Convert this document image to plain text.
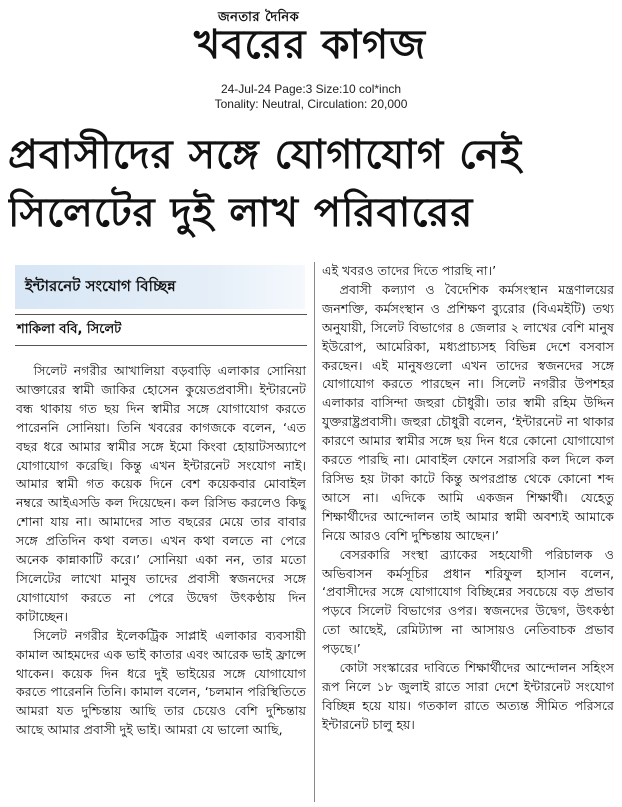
জনতার দৈনিক
খবরের কাগজ
24-Jul-24 Page:3 Size:10 col*inch
Tonality: Neutral, Circulation: 20,000
প্রবাসীদের সঙ্গে যোগাযোগ নেই
সিলেটের দুই লাখ পরিবারের
ইন্টারনেট সংযোগ বিচ্ছিন্ন
শাকিলা ববি, সিলেট

সিলেট নগরীর আখালিয়া বড়বাড়ি এলাকার সোনিয়া আক্তারের স্বামী জাকির হোসেন কুয়েতপ্রবাসী। ইন্টারনেট বন্ধ থাকায় গত ছয় দিন স্বামীর সঙ্গে যোগাযোগ করতে পারেননি সোনিয়া। তিনি খবরের কাগজকে বলেন, ‘এত বছর ধরে আমার স্বামীর সঙ্গে ইমো কিংবা হোয়াটসঅ্যাপে যোগাযোগ করেছি। কিন্তু এখন ইন্টারনেট সংযোগ নাই। আমার স্বামী গত কয়েক দিনে বেশ কয়েকবার মোবাইল নম্বরে আইএসডি কল দিয়েছেন। কল রিসিভ করলেও কিছু শোনা যায় না। আমাদের সাত বছরের মেয়ে তার বাবার সঙ্গে প্রতিদিন কথা বলত। এখন কথা বলতে না পেরে অনেক কান্নাকাটি করে।’ সোনিয়া একা নন, তার মতো সিলেটের লাখো মানুষ তাদের প্রবাসী স্বজনদের সঙ্গে যোগাযোগ করতে না পেরে উদ্বেগ উৎকণ্ঠায় দিন কাটাচ্ছেন।

সিলেট নগরীর ইলেকট্রিক সাপ্লাই এলাকার ব্যবসায়ী কামাল আহমদের এক ভাই কাতার এবং আরেক ভাই ফ্রান্সে থাকেন। কয়েক দিন ধরে দুই ভাইয়ের সঙ্গে যোগাযোগ করতে পারেননি তিনি। কামাল বলেন, ‘চলমান পরিস্থিতিতে আমরা যত দুশ্চিন্তায় আছি তার চেয়েও বেশি দুশ্চিন্তায় আছে আমার প্রবাসী দুই ভাই। আমরা যে ভালো আছি,

এই খবরও তাদের দিতে পারছি না।’

প্রবাসী কল্যাণ ও বৈদেশিক কর্মসংস্থান মন্ত্রণালয়ের জনশক্তি, কর্মসংস্থান ও প্রশিক্ষণ ব্যুরোর (বিএমইটি) তথ্য অনুযায়ী, সিলেট বিভাগের ৪ জেলার ২ লাখের বেশি মানুষ ইউরোপ, আমেরিকা, মধ্যপ্রাচ্যসহ বিভিন্ন দেশে বসবাস করছেন। এই মানুষগুলো এখন তাদের স্বজনদের সঙ্গে যোগাযোগ করতে পারছেন না। সিলেট নগরীর উপশহর এলাকার বাসিন্দা জহুরা চৌধুরী। তার স্বামী রহিম উদ্দিন যুক্তরাষ্ট্রপ্রবাসী। জহুরা চৌধুরী বলেন, ‘ইন্টারনেট না থাকার কারণে আমার স্বামীর সঙ্গে ছয় দিন ধরে কোনো যোগাযোগ করতে পারছি না। মোবাইল ফোনে সরাসরি কল দিলে কল রিসিভ হয় টাকা কাটে কিন্তু অপরপ্রান্ত থেকে কোনো শব্দ আসে না। এদিকে আমি একজন শিক্ষার্থী। যেহেতু শিক্ষার্থীদের আন্দোলন তাই আমার স্বামী অবশ্যই আমাকে নিয়ে আরও বেশি দুশ্চিন্তায় আছেন।’

বেসরকারি সংস্থা ব্র্যাকের সহযোগী পরিচালক ও অভিবাসন কর্মসূচির প্রধান শরিফুল হাসান বলেন, ‘প্রবাসীদের সঙ্গে যোগাযোগ বিচ্ছিন্নের সবচেয়ে বড় প্রভাব পড়বে সিলেট বিভাগের ওপর। স্বজনদের উদ্বেগ, উৎকণ্ঠা তো আছেই, রেমিট্যান্স না আসায়ও নেতিবাচক প্রভাব পড়ছে।’

কোটা সংস্কারের দাবিতে শিক্ষার্থীদের আন্দোলন সহিংস রূপ নিলে ১৮ জুলাই রাতে সারা দেশে ইন্টারনেট সংযোগ বিচ্ছিন্ন হয়ে যায়। গতকাল রাতে অত্যন্ত সীমিত পরিসরে ইন্টারনেট চালু হয়।
